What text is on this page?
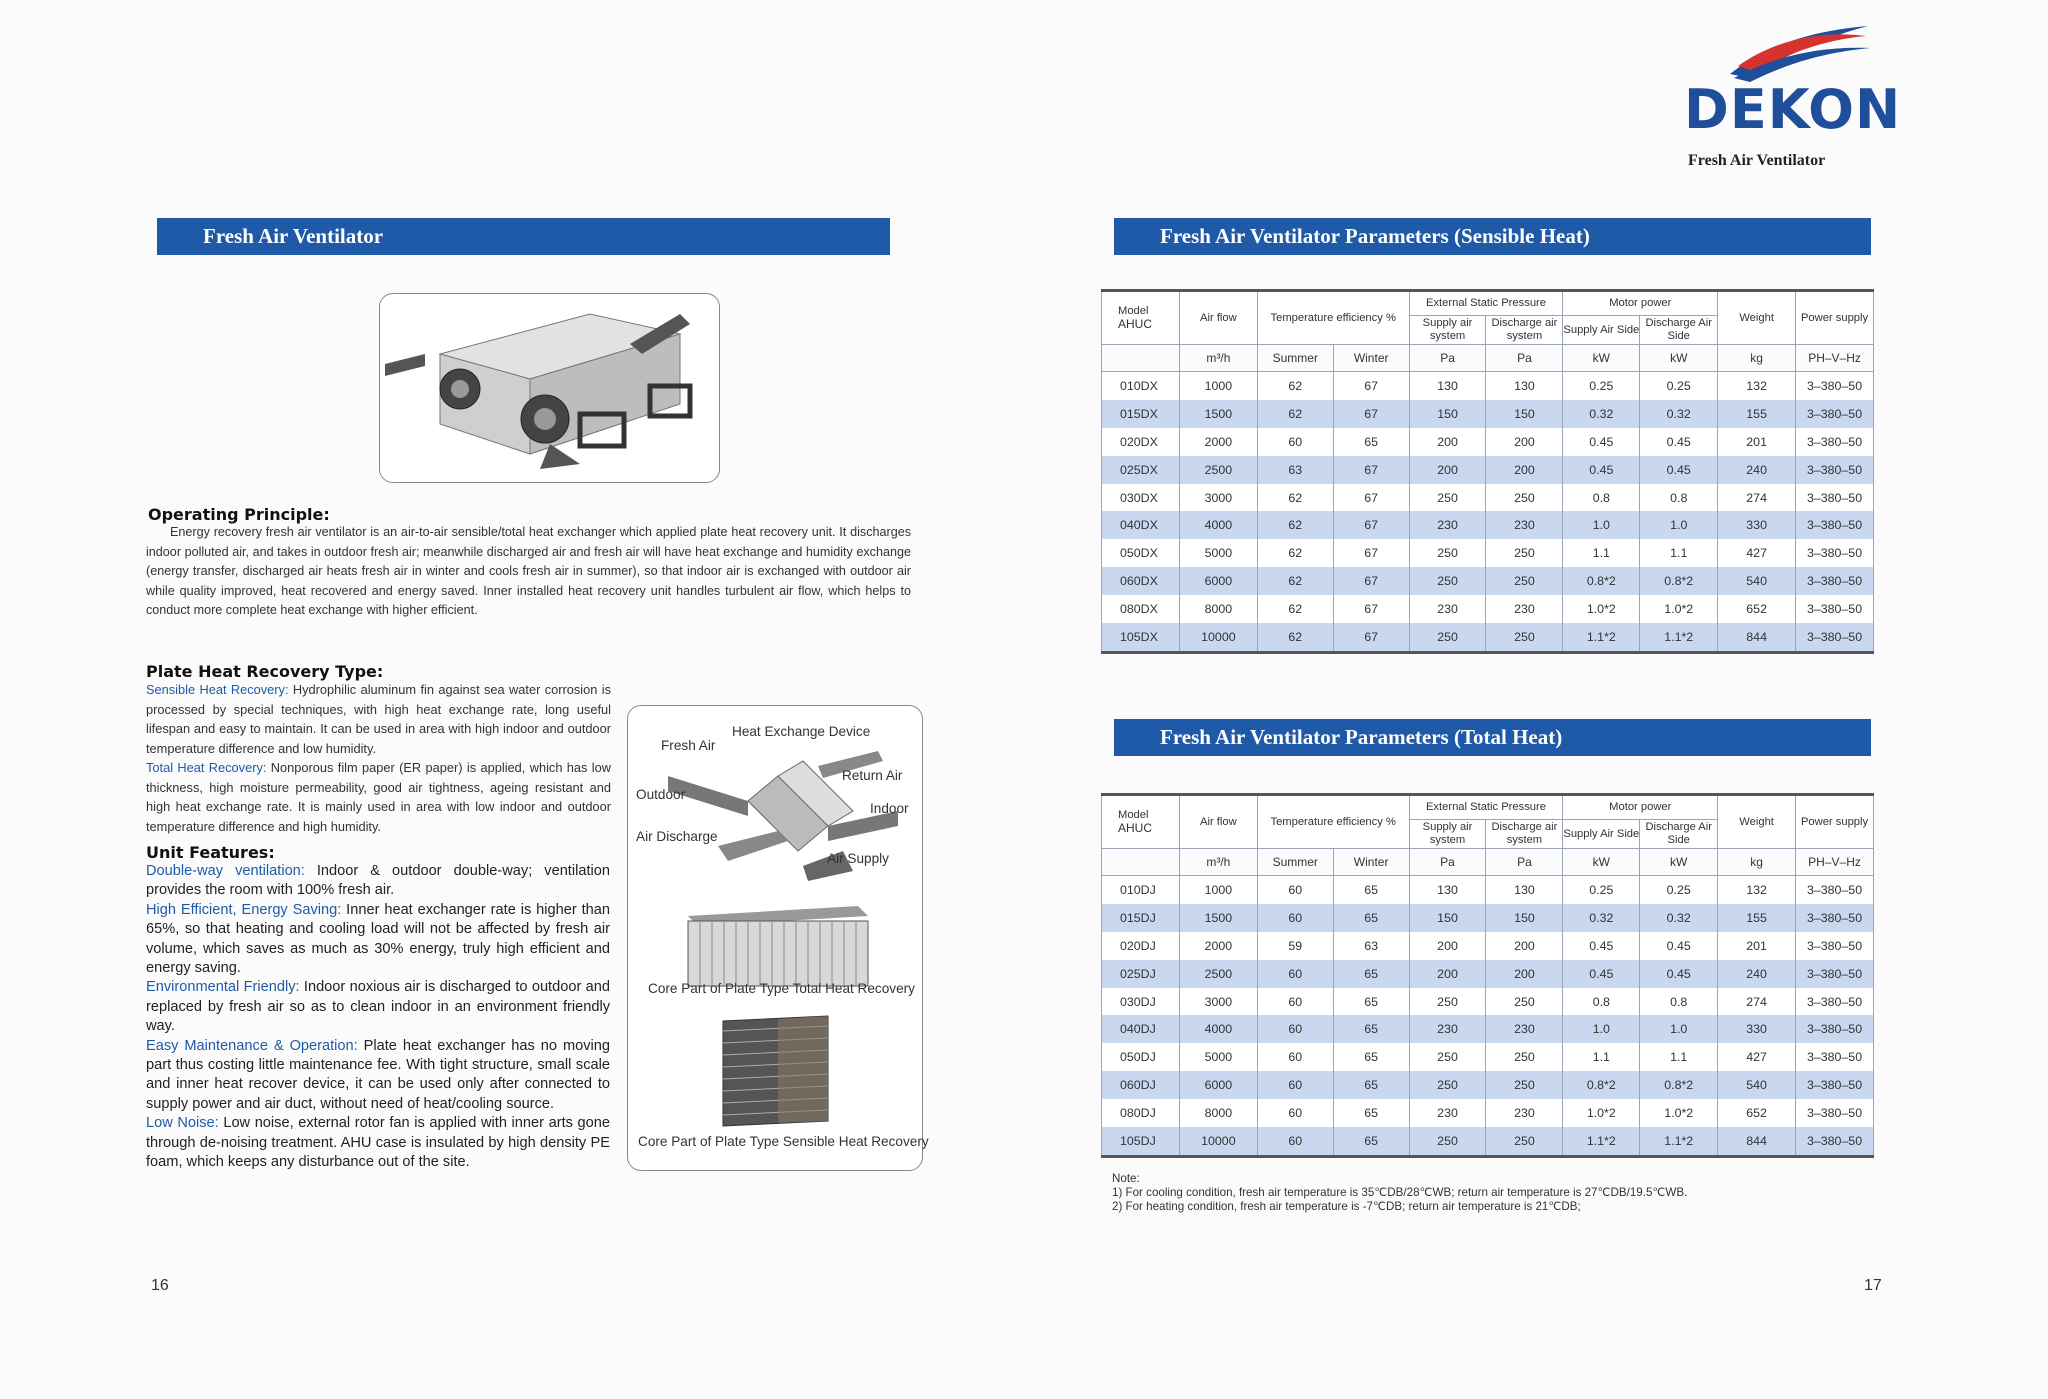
DEKON
Fresh Air Ventilator
Fresh Air Ventilator
Operating Principle:
Energy recovery fresh air ventilator is an air-to-air sensible/total heat exchanger which applied plate heat recovery unit. It discharges indoor polluted air, and takes in outdoor fresh air; meanwhile discharged air and fresh air will have heat exchange and humidity exchange (energy transfer, discharged air heats fresh air in winter and cools fresh air in summer), so that indoor air is exchanged with outdoor air while quality improved, heat recovered and energy saved. Inner installed heat recovery unit handles turbulent air flow, which helps to conduct more complete heat exchange with higher efficient.
Plate Heat Recovery Type:
Sensible Heat Recovery: Hydrophilic aluminum fin against sea water corrosion is processed by special techniques, with high heat exchange rate, long useful lifespan and easy to maintain. It can be used in area with high indoor and outdoor temperature difference and low humidity.
Total Heat Recovery: Nonporous film paper (ER paper) is applied, which has low thickness, high moisture permeability, good air tightness, ageing resistant and high heat exchange rate. It is mainly used in area with low indoor and outdoor temperature difference and high humidity.
Unit Features:
Double-way ventilation: Indoor & outdoor double-way; ventilation provides the room with 100% fresh air.
High Efficient, Energy Saving: Inner heat exchanger rate is higher than 65%, so that heating and cooling load will not be affected by fresh air volume, which saves as much as 30% energy, truly high efficient and energy saving.
Environmental Friendly: Indoor noxious air is discharged to outdoor and replaced by fresh air so as to clean indoor in an environment friendly way.
Easy Maintenance & Operation: Plate heat exchanger has no moving part thus costing little maintenance fee. With tight structure, small scale and inner heat recover device, it can be used only after connected to supply power and air duct, without need of heat/cooling source.
Low Noise: Low noise, external rotor fan is applied with inner arts gone through de-noising treatment. AHU case is insulated by high density PE foam, which keeps any disturbance out of the site.
Heat Exchange Device
Fresh Air
Return Air
Outdoor
Indoor
Air Discharge
Air Supply
Core Part of Plate Type Total Heat Recovery
Core Part of Plate Type Sensible Heat Recovery
16
Fresh Air Ventilator Parameters (Sensible Heat)
Model
AHUC	Air flow	Temperature efficiency %		External Static Pressure		Motor power		Weight	Power supply
				Supply air system	Discharge air system	Supply Air Side	Discharge Air Side		
	m³/h	Summer	Winter	Pa	Pa	kW	kW	kg	PH–V–Hz
010DX	1000	62	67	130	130	0.25	0.25	132	3–380–50
015DX	1500	62	67	150	150	0.32	0.32	155	3–380–50
020DX	2000	60	65	200	200	0.45	0.45	201	3–380–50
025DX	2500	63	67	200	200	0.45	0.45	240	3–380–50
030DX	3000	62	67	250	250	0.8	0.8	274	3–380–50
040DX	4000	62	67	230	230	1.0	1.0	330	3–380–50
050DX	5000	62	67	250	250	1.1	1.1	427	3–380–50
060DX	6000	62	67	250	250	0.8*2	0.8*2	540	3–380–50
080DX	8000	62	67	230	230	1.0*2	1.0*2	652	3–380–50
105DX	10000	62	67	250	250	1.1*2	1.1*2	844	3–380–50
Fresh Air Ventilator Parameters (Total Heat)
Model
AHUC	Air flow	Temperature efficiency %		External Static Pressure		Motor power		Weight	Power supply
				Supply air system	Discharge air system	Supply Air Side	Discharge Air Side		
	m³/h	Summer	Winter	Pa	Pa	kW	kW	kg	PH–V–Hz
010DJ	1000	60	65	130	130	0.25	0.25	132	3–380–50
015DJ	1500	60	65	150	150	0.32	0.32	155	3–380–50
020DJ	2000	59	63	200	200	0.45	0.45	201	3–380–50
025DJ	2500	60	65	200	200	0.45	0.45	240	3–380–50
030DJ	3000	60	65	250	250	0.8	0.8	274	3–380–50
040DJ	4000	60	65	230	230	1.0	1.0	330	3–380–50
050DJ	5000	60	65	250	250	1.1	1.1	427	3–380–50
060DJ	6000	60	65	250	250	0.8*2	0.8*2	540	3–380–50
080DJ	8000	60	65	230	230	1.0*2	1.0*2	652	3–380–50
105DJ	10000	60	65	250	250	1.1*2	1.1*2	844	3–380–50
Note:
1) For cooling condition, fresh air temperature is 35℃DB/28℃WB; return air temperature is 27℃DB/19.5℃WB.
2) For heating condition, fresh air temperature is -7℃DB; return air temperature is 21℃DB;
17
